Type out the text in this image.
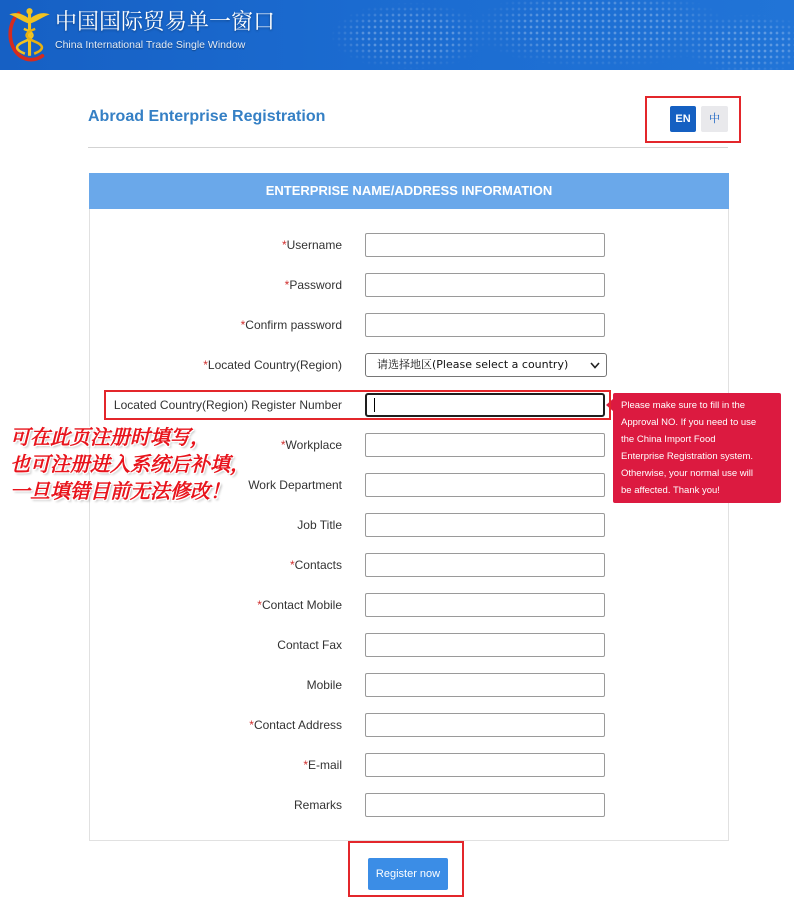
中国国际贸易单一窗口
China International Trade Single Window
Abroad Enterprise Registration	EN	中
ENTERPRISE NAME/ADDRESS INFORMATION
*Username
*Password
*Confirm password
*Located Country(Region)	请选择地区(Please select a country)
Located Country(Region) Register Number
*Workplace
Work Department
Job Title
*Contacts
*Contact Mobile
Contact Fax
Mobile
*Contact Address
*E-mail
Remarks
Please make sure to fill in the
Approval NO. If you need to use
the China Import Food
Enterprise Registration system.
Otherwise, your normal use will
be affected. Thank you!
Register now
可在此页注册时填写，
也可注册进入系统后补填，
一旦填错目前无法修改！
